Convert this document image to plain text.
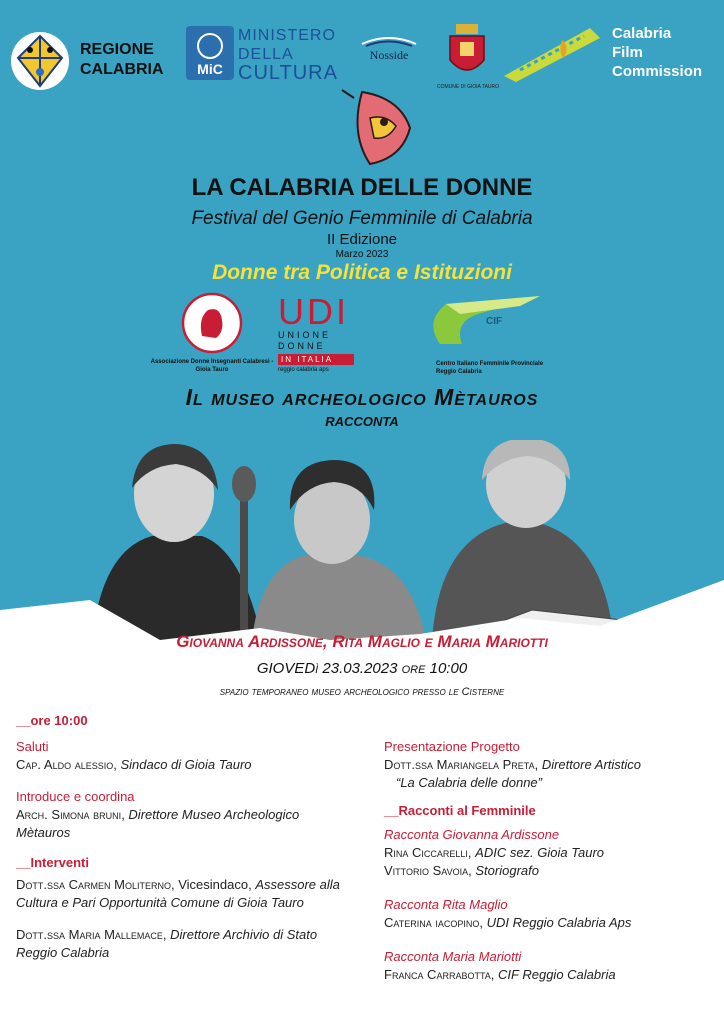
REGIONE
CALABRIA	MiC
MINISTERO
DELLA
CULTURA
Nosside
COMUNE DI GIOIA TAURO
Calabria
Film
Commission
LA CALABRIA DELLE DONNE
Festival del Genio Femminile di Calabria
II Edizione
Marzo 2023
Donne tra Politica e Istituzioni
Associazione Donne Insegnanti Calabresi - Gioia Tauro
UDI
UNIONE DONNE
IN ITALIA
reggio calabria aps
CIF
Centro Italiano Femminile Provinciale Reggio Calabria
Il museo archeologico Mètauros
racconta
Giovanna Ardissone, Rita Maglio e Maria Mariotti
GIOVEDì 23.03.2023 ore 10:00
spazio temporaneo museo archeologico presso le Cisterne
__ore 10:00
Saluti
Cap. Aldo alessio, Sindaco di Gioia Tauro
Introduce e coordina
Arch. Simona bruni, Direttore Museo Archeologico Mètauros
__Interventi
Dott.ssa Carmen Moliterno, Vicesindaco, Assessore alla Cultura e Pari Opportunità Comune di Gioia Tauro
Dott.ssa Maria Mallemace, Direttore Archivio di Stato Reggio Calabria
Presentazione Progetto
Dott.ssa Mariangela Preta, Direttore Artistico
“La Calabria delle donne”
__Racconti al Femminile
Racconta Giovanna Ardissone
Rina Ciccarelli, ADIC sez. Gioia Tauro
Vittorio Savoia, Storiografo
Racconta Rita Maglio
Caterina iacopino, UDI Reggio Calabria Aps
Racconta Maria Mariotti
Franca Carrabotta, CIF Reggio Calabria
